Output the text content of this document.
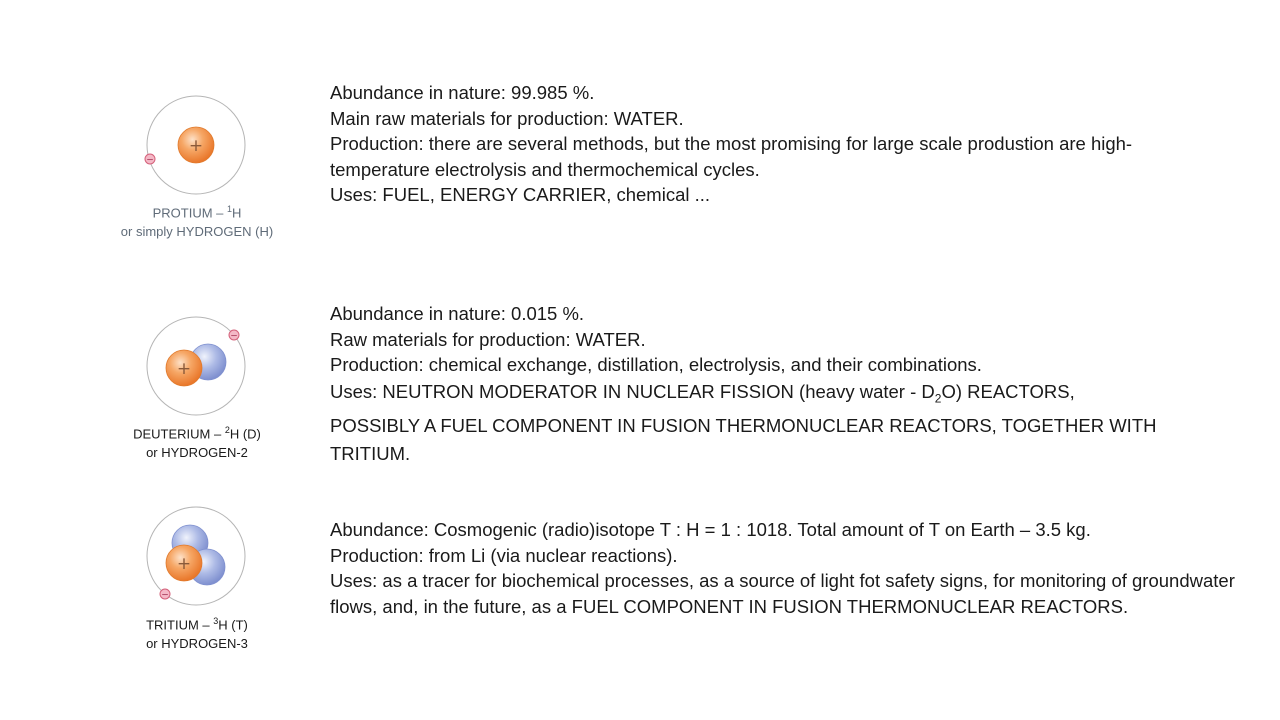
+
−
PROTIUM – $^1$H
or simply HYDROGEN (H)

Abundance in nature: 99.985 %.

Main raw materials for production: WATER.

Production: there are several methods, but the most promising for large scale produstion are high-temperature electrolysis and thermochemical cycles.

Uses: FUEL, ENERGY CARRIER, chemical ...

+
−
DEUTERIUM – $^2$H (D)
or HYDROGEN-2

Abundance in nature: 0.015 %.

Raw materials for production: WATER.

Production: chemical exchange, distillation, electrolysis, and their combinations.

Uses: NEUTRON MODERATOR IN NUCLEAR FISSION (heavy water - $D_2O$) REACTORS, POSSIBLY A FUEL COMPONENT IN FUSION THERMONUCLEAR REACTORS, TOGETHER WITH TRITIUM.

+
−
TRITIUM – $^3$H (T)
or HYDROGEN-3

Abundance: Cosmogenic (radio)isotope T : H = 1 : 1018. Total amount of T on Earth – 3.5 kg.

Production: from Li (via nuclear reactions).

Uses: as a tracer for biochemical processes, as a source of light fot safety signs, for monitoring of groundwater flows, and, in the future, as a FUEL COMPONENT IN FUSION THERMONUCLEAR REACTORS.
